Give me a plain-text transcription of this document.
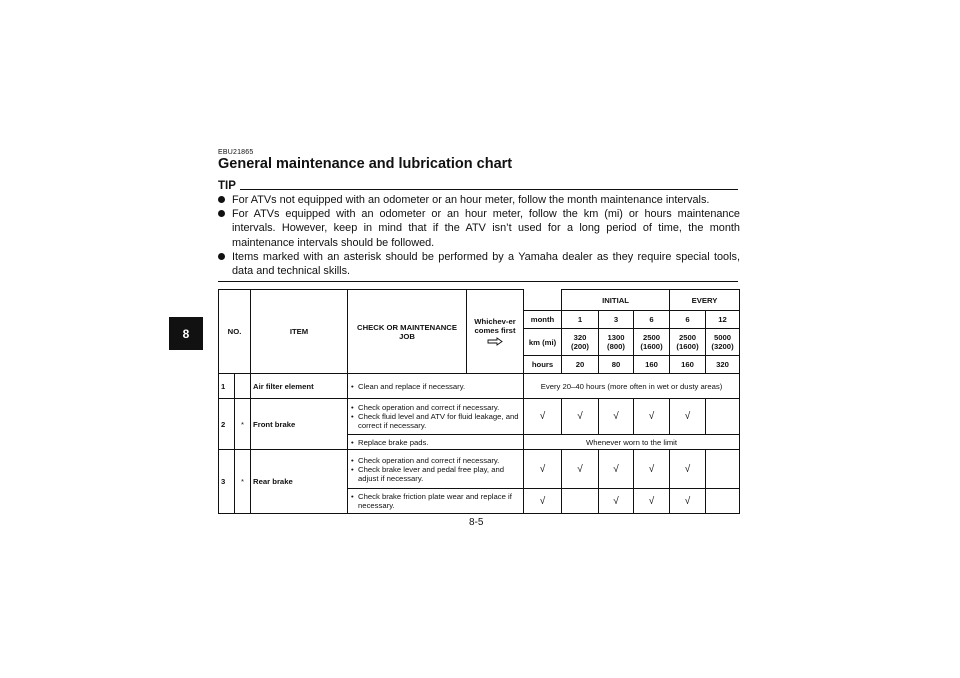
EBU21865
General maintenance and lubrication chart
TIP
For ATVs not equipped with an odometer or an hour meter, follow the month maintenance intervals.
For ATVs equipped with an odometer or an hour meter, follow the km (mi) or hours maintenance intervals. However, keep in mind that if the ATV isn’t used for a long period of time, the month maintenance intervals should be followed.
Items marked with an asterisk should be performed by a Yamaha dealer as they require special tools, data and technical skills.
8	NO.		ITEM	CHECK OR MAINTENANCE JOB	Whichev-er comes first		INITIAL			EVERY	
					month	1	3	6	6	12
					km (mi)	320 (200)	1300 (800)	2500 (1600)	2500 (1600)	5000 (3200)
					hours	20	80	160	160	320
1		Air filter element	• Clean and replace if necessary.		Every 20–40 hours (more often in wet or dusty areas)					
2	*	Front brake	• Check operation and correct if necessary.
• Check fluid level and ATV for fluid leakage, and correct if necessary.		√	√	√	√	√	

			• Replace brake pads.		Whenever worn to the limit					
3	*	Rear brake	• Check operation and correct if necessary.
• Check brake lever and pedal free play, and adjust if necessary.		√	√	√	√	√	

			• Check brake friction plate wear and replace if necessary.		√		√	√	√	
8-5
